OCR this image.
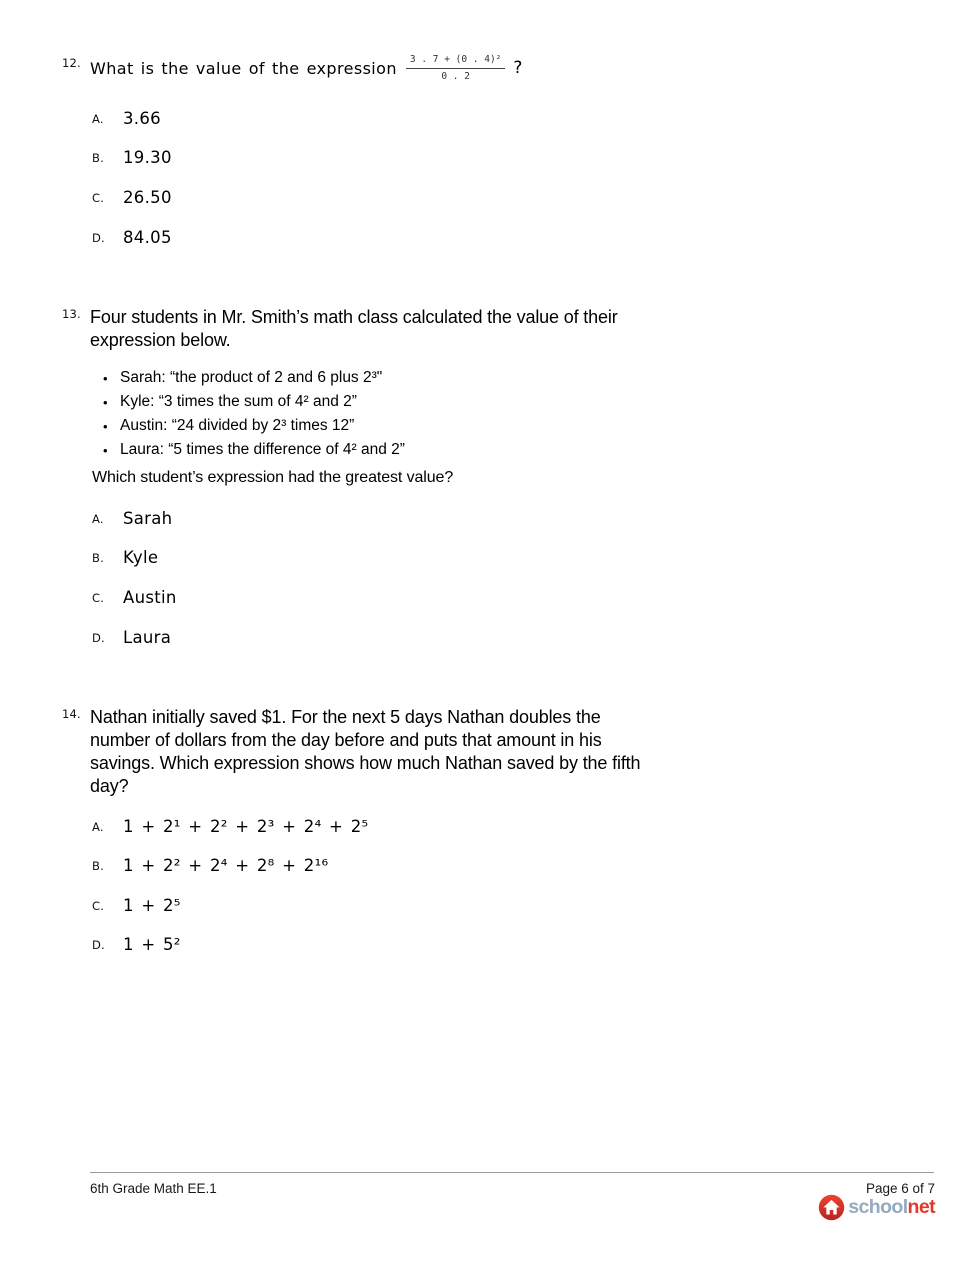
12. What is the value of the expression $\frac{\text{3 . 7 + (0 . 4)²}}{0 . 2}$ ?
A.	3.66
B.	19.30
C.	26.50
D.	84.05
13. Four students in Mr. Smith’s math class calculated the value of their
expression below.
• Sarah: “the product of 2 and 6 plus 2³"
• Kyle: “3 times the sum of 4² and 2”
• Austin: “24 divided by 2³ times 12”
• Laura: “5 times the difference of 4² and 2”
Which student’s expression had the greatest value?
A.	Sarah
B.	Kyle
C.	Austin
D.	Laura
14. Nathan initially saved $1. For the next 5 days Nathan doubles the
number of dollars from the day before and puts that amount in his
savings. Which expression shows how much Nathan saved by the fifth
day?
A.	1 + 2¹ + 2² + 2³ + 2⁴ + 2⁵
B.	1 + 2² + 2⁴ + 2⁸ + 2¹⁶
C.	1 + 2⁵
D.	1 + 5²
6th Grade Math EE.1	Page 6 of 7
schoolnet
